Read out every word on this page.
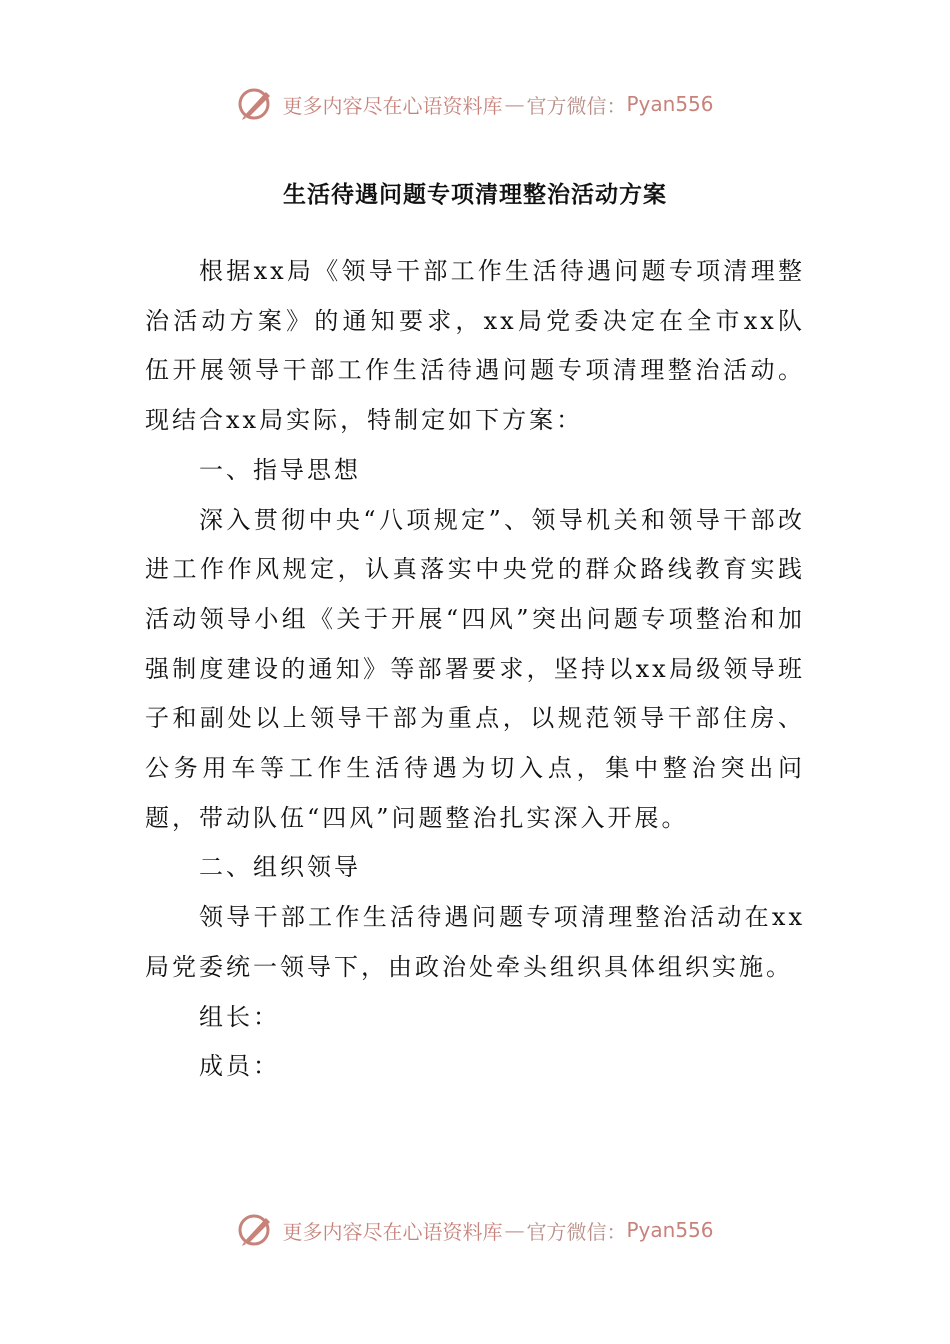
更多内容尽在心语资料库 — 官方微信： Pyan556
生活待遇问题专项清理整治活动方案

根据xx局《领导干部工作生活待遇问题专项清理整治活动方案》的通知要求，xx局党委决定在全市xx队伍开展领导干部工作生活待遇问题专项清理整治活动。现结合xx局实际，特制定如下方案：

一、指导思想

深入贯彻中央“八项规定”、领导机关和领导干部改进工作作风规定，认真落实中央党的群众路线教育实践活动领导小组《关于开展“四风”突出问题专项整治和加强制度建设的通知》等部署要求，坚持以xx局级领导班子和副处以上领导干部为重点，以规范领导干部住房、公务用车等工作生活待遇为切入点，集中整治突出问题，带动队伍“四风”问题整治扎实深入开展。

二、组织领导

领导干部工作生活待遇问题专项清理整治活动在xx局党委统一领导下，由政治处牵头组织具体组织实施。

组长：

成员：

更多内容尽在心语资料库 — 官方微信： Pyan556
